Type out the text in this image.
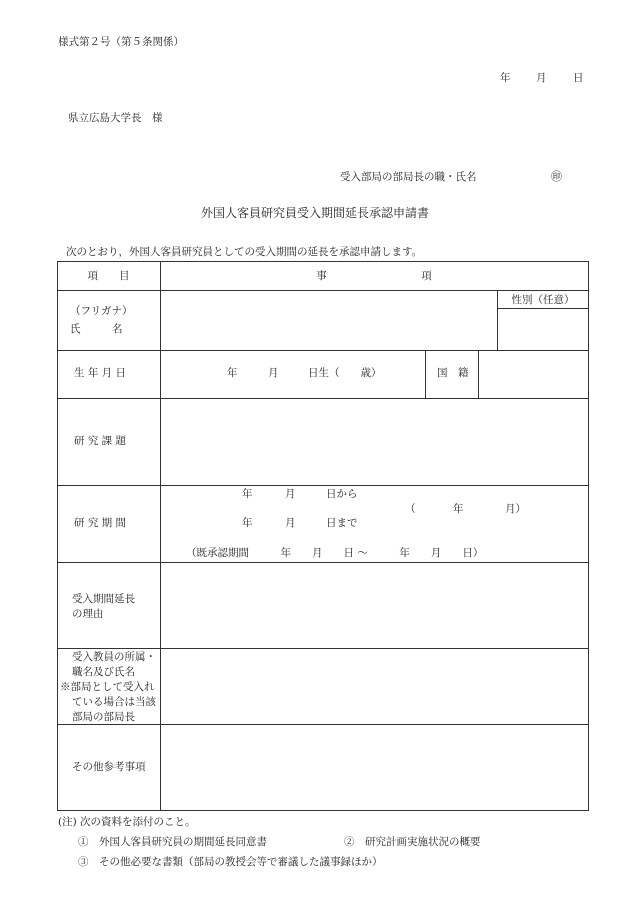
様式第２号（第５条関係）
年 月	日
県立広島大学長　様
受入部局の部局長の職・氏名	㊞
外国人客員研究員受入期間延長承認申請書
次のとおり，外国人客員研究員としての受入期間の延長を承認申請します。
項　　目	事　　　　　　　　　項
（フリガナ）
氏　　　名
性別（任意）
生 年 月 日	年	月	日生（　　歳）	国　籍
研 究 課 題
研 究 期 間
年	月	日から
年	月	日まで
（	年	月）
（既承認期間　　　年　　月　　日 ～　　　年　　月　　日）
受入期間延長
の理由
受入教員の所属・
職名及び氏名
※部局として受入れ
ている場合は当該
部局の部局長
その他参考事項
(注) 次の資料を添付のこと。
①　外国人客員研究員の期間延長同意書	②　研究計画実施状況の概要
③　その他必要な書類（部局の教授会等で審議した議事録ほか）
